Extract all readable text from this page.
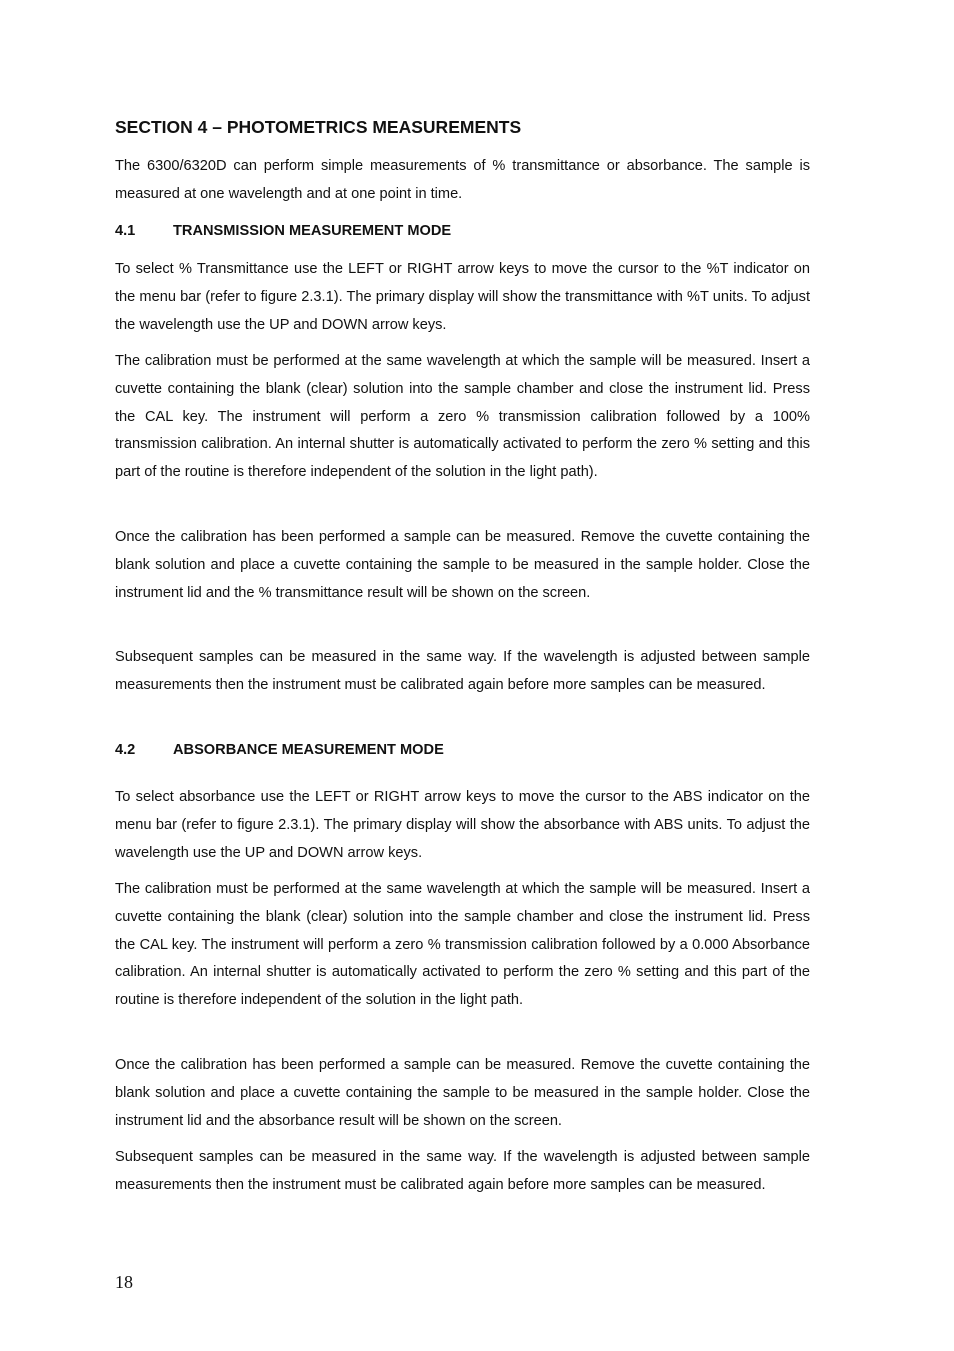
SECTION 4 – PHOTOMETRICS MEASUREMENTS

The 6300/6320D can perform simple measurements of % transmittance or absorbance. The sample is measured at one wavelength and at one point in time.

4.1	TRANSMISSION MEASUREMENT MODE

To select % Transmittance use the LEFT or RIGHT arrow keys to move the cursor to the %T indicator on the menu bar (refer to figure 2.3.1). The primary display will show the transmittance with %T units. To adjust the wavelength use the UP and DOWN arrow keys.

The calibration must be performed at the same wavelength at which the sample will be measured. Insert a cuvette containing the blank (clear) solution into the sample chamber and close the instrument lid. Press the CAL key. The instrument will perform a zero % transmission calibration followed by a 100% transmission calibration. An internal shutter is automatically activated to perform the zero % setting and this part of the routine is therefore independent of the solution in the light path).

Once the calibration has been performed a sample can be measured. Remove the cuvette containing the blank solution and place a cuvette containing the sample to be measured in the sample holder. Close the instrument lid and the % transmittance result will be shown on the screen.

Subsequent samples can be measured in the same way. If the wavelength is adjusted between sample measurements then the instrument must be calibrated again before more samples can be measured.

4.2	ABSORBANCE MEASUREMENT MODE

To select absorbance use the LEFT or RIGHT arrow keys to move the cursor to the ABS indicator on the menu bar (refer to figure 2.3.1). The primary display will show the absorbance with ABS units. To adjust the wavelength use the UP and DOWN arrow keys.

The calibration must be performed at the same wavelength at which the sample will be measured. Insert a cuvette containing the blank (clear) solution into the sample chamber and close the instrument lid. Press the CAL key. The instrument will perform a zero % transmission calibration followed by a 0.000 Absorbance calibration. An internal shutter is automatically activated to perform the zero % setting and this part of the routine is therefore independent of the solution in the light path.

Once the calibration has been performed a sample can be measured. Remove the cuvette containing the blank solution and place a cuvette containing the sample to be measured in the sample holder. Close the instrument lid and the absorbance result will be shown on the screen.

Subsequent samples can be measured in the same way. If the wavelength is adjusted between sample measurements then the instrument must be calibrated again before more samples can be measured.

18
